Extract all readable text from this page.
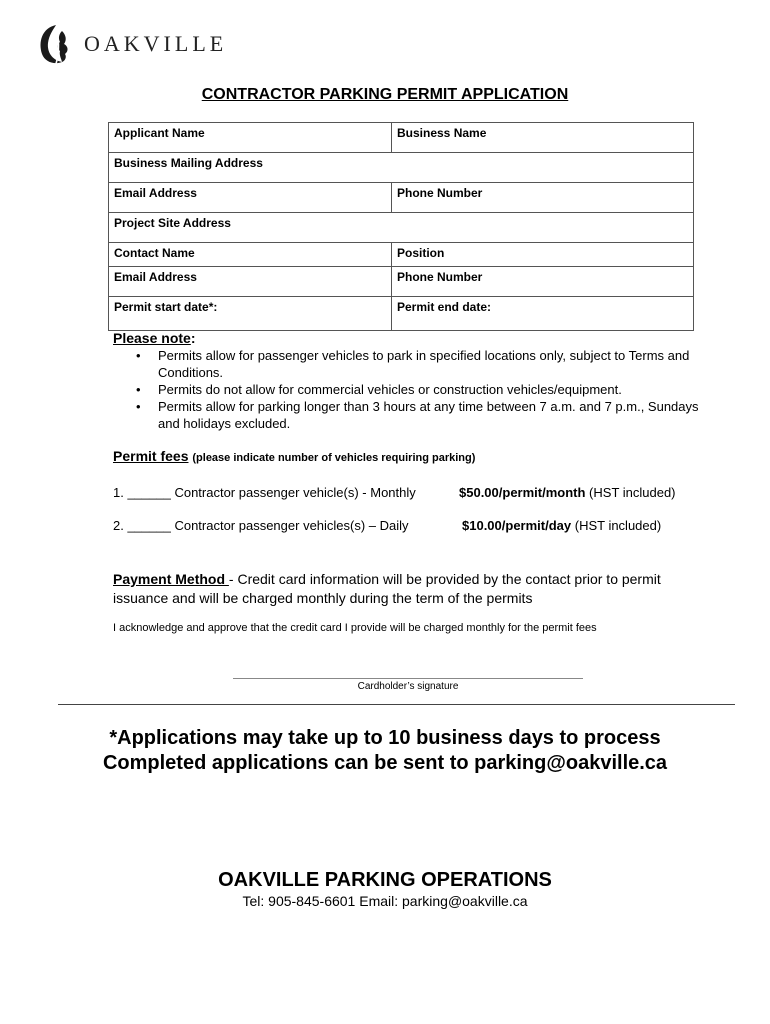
OAKVILLE
CONTRACTOR PARKING PERMIT APPLICATION
Applicant Name	Business Name
Business Mailing Address	
Email Address	Phone Number
Project Site Address	
Contact Name	Position
Email Address	Phone Number
Permit start date*:	Permit end date:
Please note:
• Permits allow for passenger vehicles to park in specified locations only, subject to Terms and Conditions.
• Permits do not allow for commercial vehicles or construction vehicles/equipment.
• Permits allow for parking longer than 3 hours at any time between 7 a.m. and 7 p.m., Sundays and holidays excluded.
Permit fees (please indicate number of vehicles requiring parking)
1. ______ Contractor passenger vehicle(s) - Monthly	$50.00/permit/month (HST included)
2. ______ Contractor passenger vehicles(s) – Daily	$10.00/permit/day (HST included)
Payment Method - Credit card information will be provided by the contact prior to permit issuance and will be charged monthly during the term of the permits
I acknowledge and approve that the credit card I provide will be charged monthly for the permit fees
Cardholder’s signature
*Applications may take up to 10 business days to process
Completed applications can be sent to parking@oakville.ca
OAKVILLE PARKING OPERATIONS
Tel: 905-845-6601 Email: parking@oakville.ca
